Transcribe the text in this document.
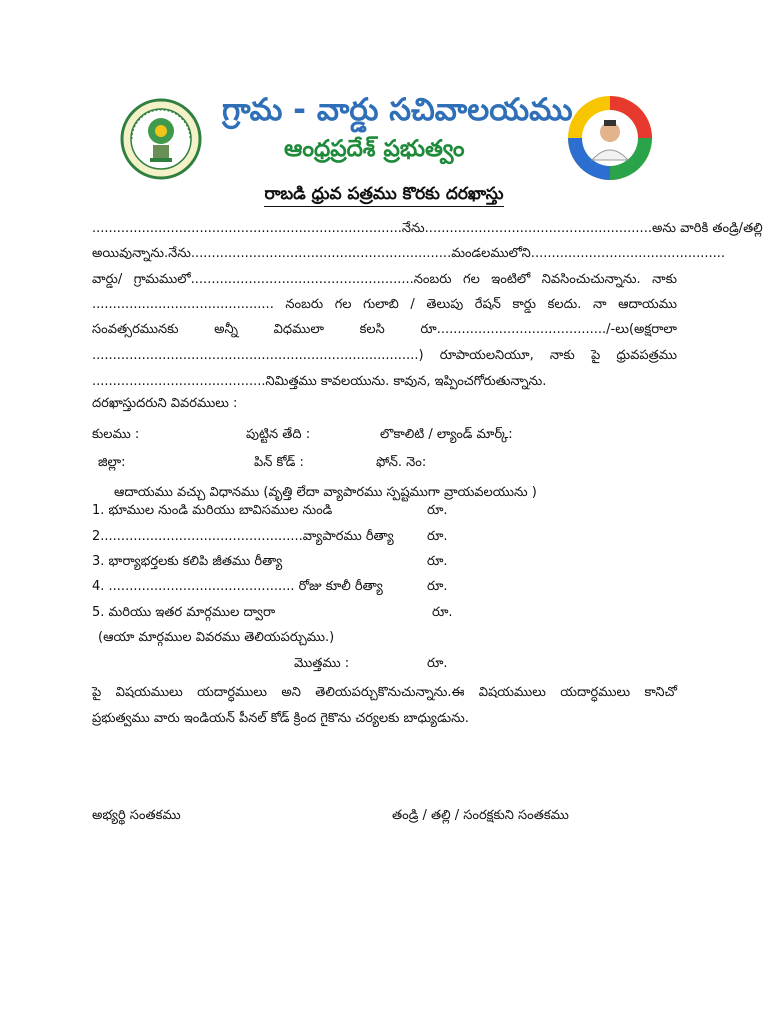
గ్రామ - వార్డు సచివాలయము
ఆంధ్రప్రదేశ్ ప్రభుత్వం
రాబడి ధ్రువ పత్రము కొరకు దరఖాస్తు
...........................................................................నేను.......................................................అను వారికి తండ్రి/తల్లి
అయివున్నాను.నేను...............................................................మండలములోని...............................................
వార్డు/ గ్రామములో......................................................నంబరు గల ఇంటిలో నివసించుచున్నాను. నాకు
............................................ నంబరు గల గులాబి / తెలుపు రేషన్ కార్డు కలదు. నా ఆదాయము
సంవత్సరమునకు అన్నీ విధములా కలసి రూ........................................./-లు(అక్షరాలా
...............................................................................) రూపాయలనియూ, నాకు పై ధ్రువపత్రము
..........................................నిమిత్తము కావలయును. కావున, ఇప్పించగోరుతున్నాను.
దరఖాస్తుదరుని వివరములు :
కులము :	పుట్టిన తేది :	లొకాలిటి / ల్యాండ్ మార్క్:
జిల్లా:	పిన్ కోడ్ :	ఫోన్. నెం:
ఆదాయము వచ్చు విధానము (వృత్తి లేదా వ్యాపారము స్పష్టముగా వ్రాయవలయును )
1. భూముల నుండి మరియు బావిసముల నుండి	రూ.
2.................................................వ్యాపారము రీత్యా	రూ.
3. భార్యాభర్తలకు కలిపి జీతము రీత్యా	రూ.
4. ............................................. రోజు కూలీ రీత్యా	రూ.
5. మరియు ఇతర మార్గముల ద్వారా	రూ.
(ఆయా మార్గముల వివరము తెలియపర్చుము.)
మొత్తము :	రూ.
పై విషయములు యదార్ధములు అని తెలియపర్చుకొనుచున్నాను.ఈ విషయములు యదార్ధములు కానిచో
ప్రభుత్వము వారు ఇండియన్ పీనల్ కోడ్ క్రింద గైకొను చర్యలకు బాధ్యుడును.
అభ్యర్థి సంతకము	తండ్రి / తల్లి / సంరక్షకుని సంతకము
